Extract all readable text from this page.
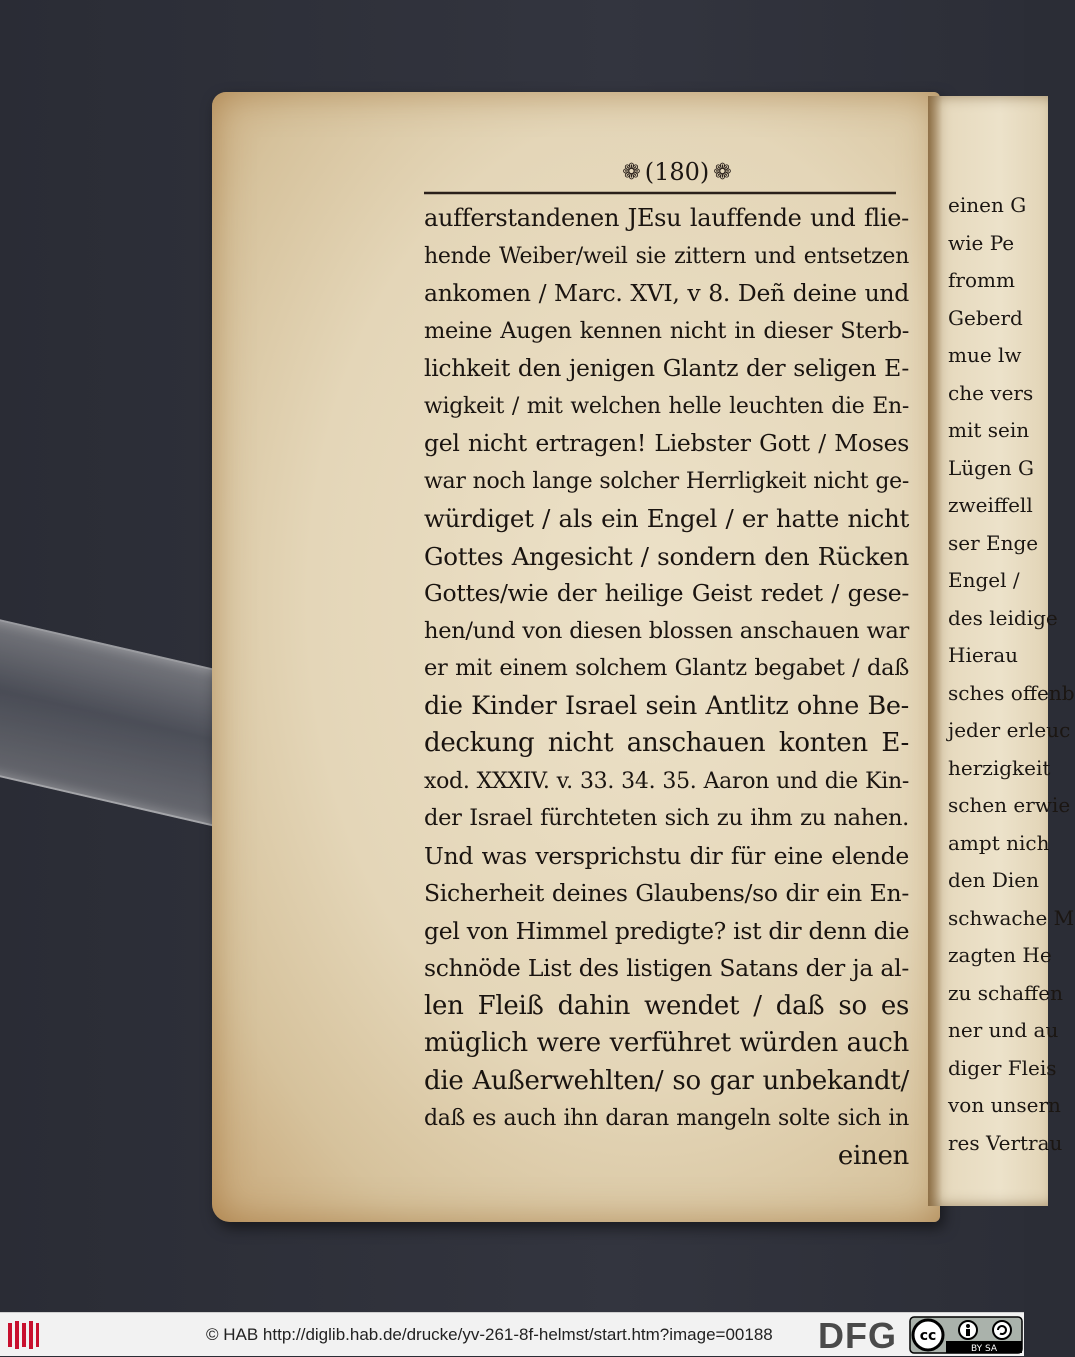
einen G
wie Pe
fromm
Geberd
mue lw
che vers
mit sein
Lügen G
zweiffell
ser Enge
Engel /
des leidige
Hierau
sches offenb
jeder erleuc
herzigkeit
schen erwie
ampt nich
den Dien
schwache M
zagten He
zu schaffen
ner und au
diger Fleis
von unsern
res Vertrau
❁ (180) ❁
aufferstandenen JEsu lauffende und flie-
hende Weiber/weil sie zittern und entsetzen
ankomen / Marc. XVI, v 8. Deñ deine und
meine Augen kennen nicht in dieser Sterb-
lichkeit den jenigen Glantz der seligen E-
wigkeit / mit welchen helle leuchten die En-
gel nicht ertragen! Liebster Gott / Moses
war noch lange solcher Herrligkeit nicht ge-
würdiget / als ein Engel / er hatte nicht
Gottes Angesicht / sondern den Rücken
Gottes/wie der heilige Geist redet / gese-
hen/und von diesen blossen anschauen war
er mit einem solchem Glantz begabet / daß
die Kinder Israel sein Antlitz ohne Be-
deckung nicht anschauen konten E-
xod. XXXIV. v. 33. 34. 35. Aaron und die Kin-
der Israel fürchteten sich zu ihm zu nahen.
Und was versprichstu dir für eine elende
Sicherheit deines Glaubens/so dir ein En-
gel von Himmel predigte? ist dir denn die
schnöde List des listigen Satans der ja al-
len Fleiß dahin wendet / daß so es
müglich were verführet würden auch
die Außerwehlten/ so gar unbekandt/
daß es auch ihn daran mangeln solte sich in
einen
© HAB http://diglib.hab.de/drucke/yv-261-8f-helmst/start.htm?image=00188 DFG cc
BY SA
